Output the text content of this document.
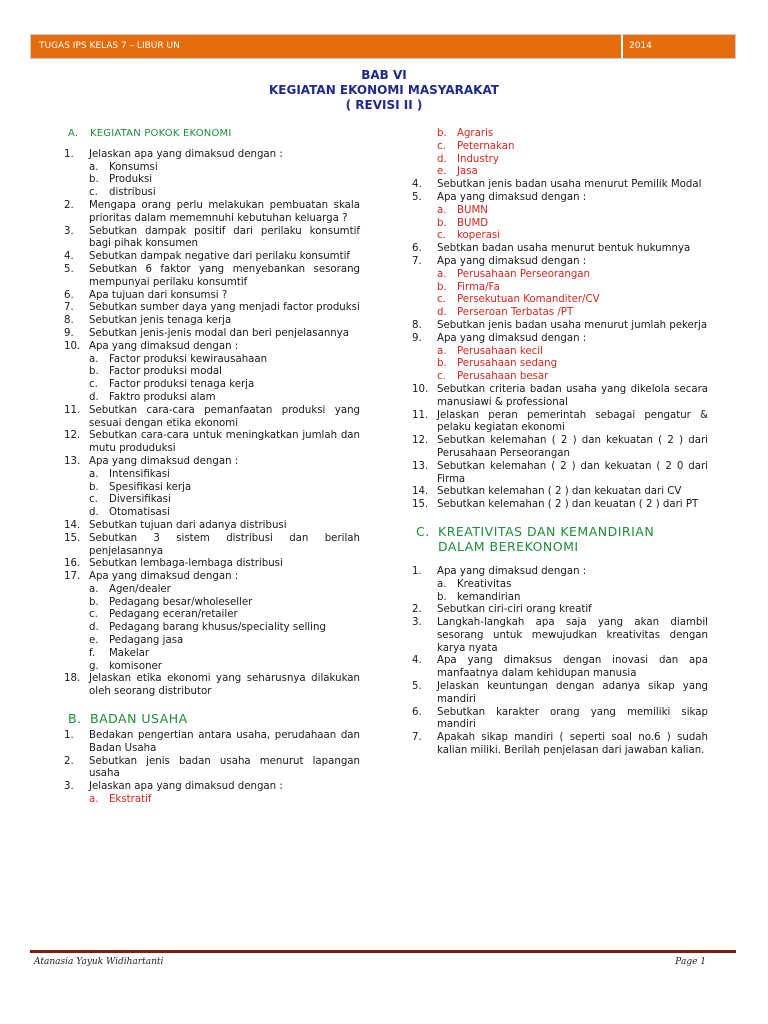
TUGAS IPS KELAS 7 – LIBUR UN	2014
BAB VI
KEGIATAN EKONOMI MASYARAKAT
( REVISI II )
A. KEGIATAN POKOK EKONOMI
1.	Jelaskan apa yang dimaksud dengan :
a.	Konsumsi
b.	Produksi
c.	distribusi
2.	Mengapa orang perlu melakukan pembuatan skala prioritas dalam mememnuhi kebutuhan keluarga ?
3.	Sebutkan dampak positif dari perilaku konsumtif bagi pihak konsumen
4.	Sebutkan dampak negative dari perilaku konsumtif
5.	Sebutkan 6 faktor yang menyebankan sesorang mempunyai perilaku konsumtif
6.	Apa tujuan dari konsumsi ?
7.	Sebutkan sumber daya yang menjadi factor produksi
8.	Sebutkan jenis tenaga kerja
9.	Sebutkan jenis-jenis modal dan beri penjelasannya
10. Apa yang dimaksud dengan :
a.	Factor produksi kewirausahaan
b.	Factor produksi modal
c.	Factor produksi tenaga kerja
d.	Faktro produksi alam
11. Sebutkan cara-cara pemanfaatan produksi yang sesuai dengan etika ekonomi
12. Sebutkan cara-cara untuk meningkatkan jumlah dan mutu produduksi
13. Apa yang dimaksud dengan :
a.	Intensifikasi
b.	Spesifikasi kerja
c.	Diversifikasi
d.	Otomatisasi
14. Sebutkan tujuan dari adanya distribusi
15. Sebutkan 3 sistem distribusi dan berilah penjelasannya
16. Sebutkan lembaga-lembaga distribusi
17. Apa yang dimaksud dengan :
a.	Agen/dealer
b.	Pedagang besar/wholeseller
c.	Pedagang eceran/retailer
d.	Pedagang barang khusus/speciality selling
e.	Pedagang jasa
f.	Makelar
g.	komisoner
18. Jelaskan etika ekonomi yang seharusnya dilakukan oleh seorang distributor
B. BADAN USAHA
1.	Bedakan pengertian antara usaha, perudahaan dan Badan Usaha
2.	Sebutkan jenis badan usaha menurut lapangan usaha
3.	Jelaskan apa yang dimaksud dengan :
a.	Ekstratif
b.	Agraris
c.	Peternakan
d.	Industry
e.	Jasa
4.	Sebutkan jenis badan usaha menurut Pemilik Modal
5.	Apa yang dimaksud dengan :
a.	BUMN
b.	BUMD
c.	koperasi
6.	Sebtkan badan usaha menurut bentuk hukumnya
7.	Apa yang dimaksud dengan :
a.	Perusahaan Perseorangan
b.	Firma/Fa
c.	Persekutuan Komanditer/CV
d.	Perseroan Terbatas /PT
8.	Sebutkan jenis badan usaha menurut jumlah pekerja
9.	Apa yang dimaksud dengan :
a.	Perusahaan kecil
b.	Perusahaan sedang
c.	Perusahaan besar
10. Sebutkan criteria badan usaha yang dikelola secara manusiawi & professional
11. Jelaskan peran pemerintah sebagai pengatur & pelaku kegiatan ekonomi
12. Sebutkan kelemahan ( 2 ) dan kekuatan ( 2 ) dari Perusahaan Perseorangan
13. Sebutkan kelemahan ( 2 ) dan kekuatan ( 2 0 dari Firma
14. Sebutkan kelemahan ( 2 ) dan kekuatan dari CV
15. Sebutkan kelemahan ( 2 ) dan keuatan ( 2 ) dari PT
C. KREATIVITAS DAN KEMANDIRIAN
DALAM BEREKONOMI
1.	Apa yang dimaksud dengan :
a.	Kreativitas
b.	kemandirian
2.	Sebutkan ciri-ciri orang kreatif
3.	Langkah-langkah apa saja yang akan diambil sesorang untuk mewujudkan kreativitas dengan karya nyata
4.	Apa yang dimaksus dengan inovasi dan apa manfaatnya dalam kehidupan manusia
5.	Jelaskan keuntungan dengan adanya sikap yang mandiri
6.	Sebutkan karakter orang yang memiliki sikap mandiri
7.	Apakah sikap mandiri ( seperti soal no.6 ) sudah kalian miliki. Berilah penjelasan dari jawaban kalian.
Atanasia Yayuk Widihartanti	Page 1
